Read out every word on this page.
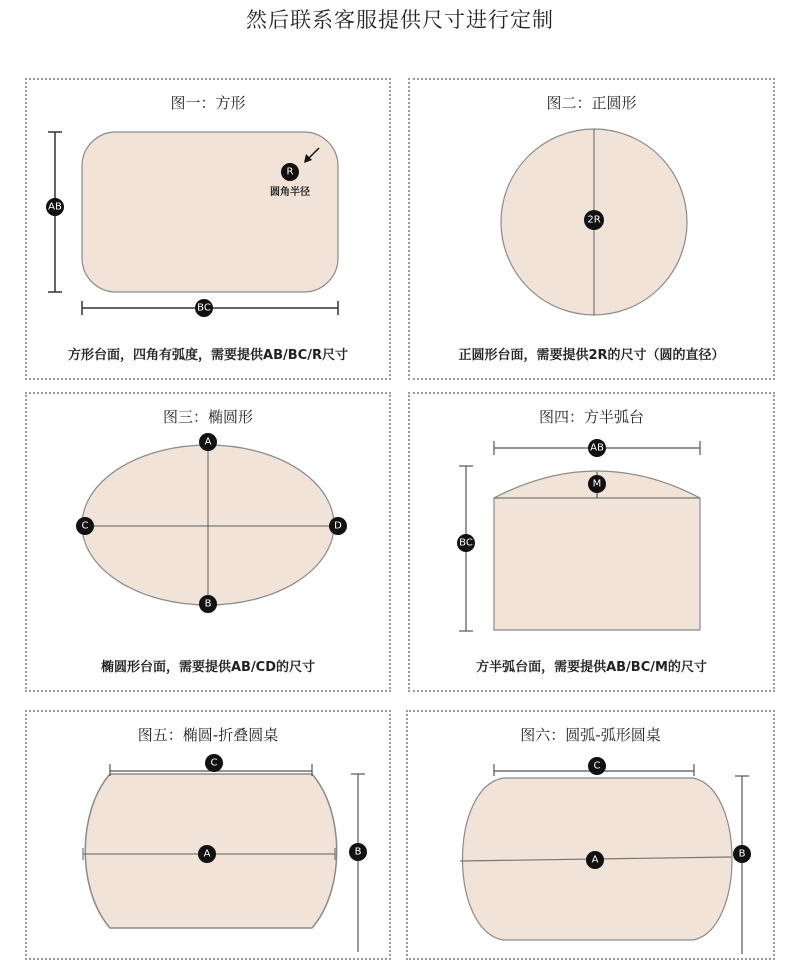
然后联系客服提供尺寸进行定制
图一：方形
AB
BC
R
圆角半径
方形台面，四角有弧度，需要提供AB/BC/R尺寸
图二：正圆形
2R
正圆形台面，需要提供2R的尺寸（圆的直径）
图三：椭圆形
A
B
C	D
椭圆形台面，需要提供AB/CD的尺寸
图四：方半弧台
AB
M
BC
方半弧台面，需要提供AB/BC/M的尺寸
图五：椭圆-折叠圆桌
C
A	B
图六：圆弧-弧形圆桌
C
A
B
